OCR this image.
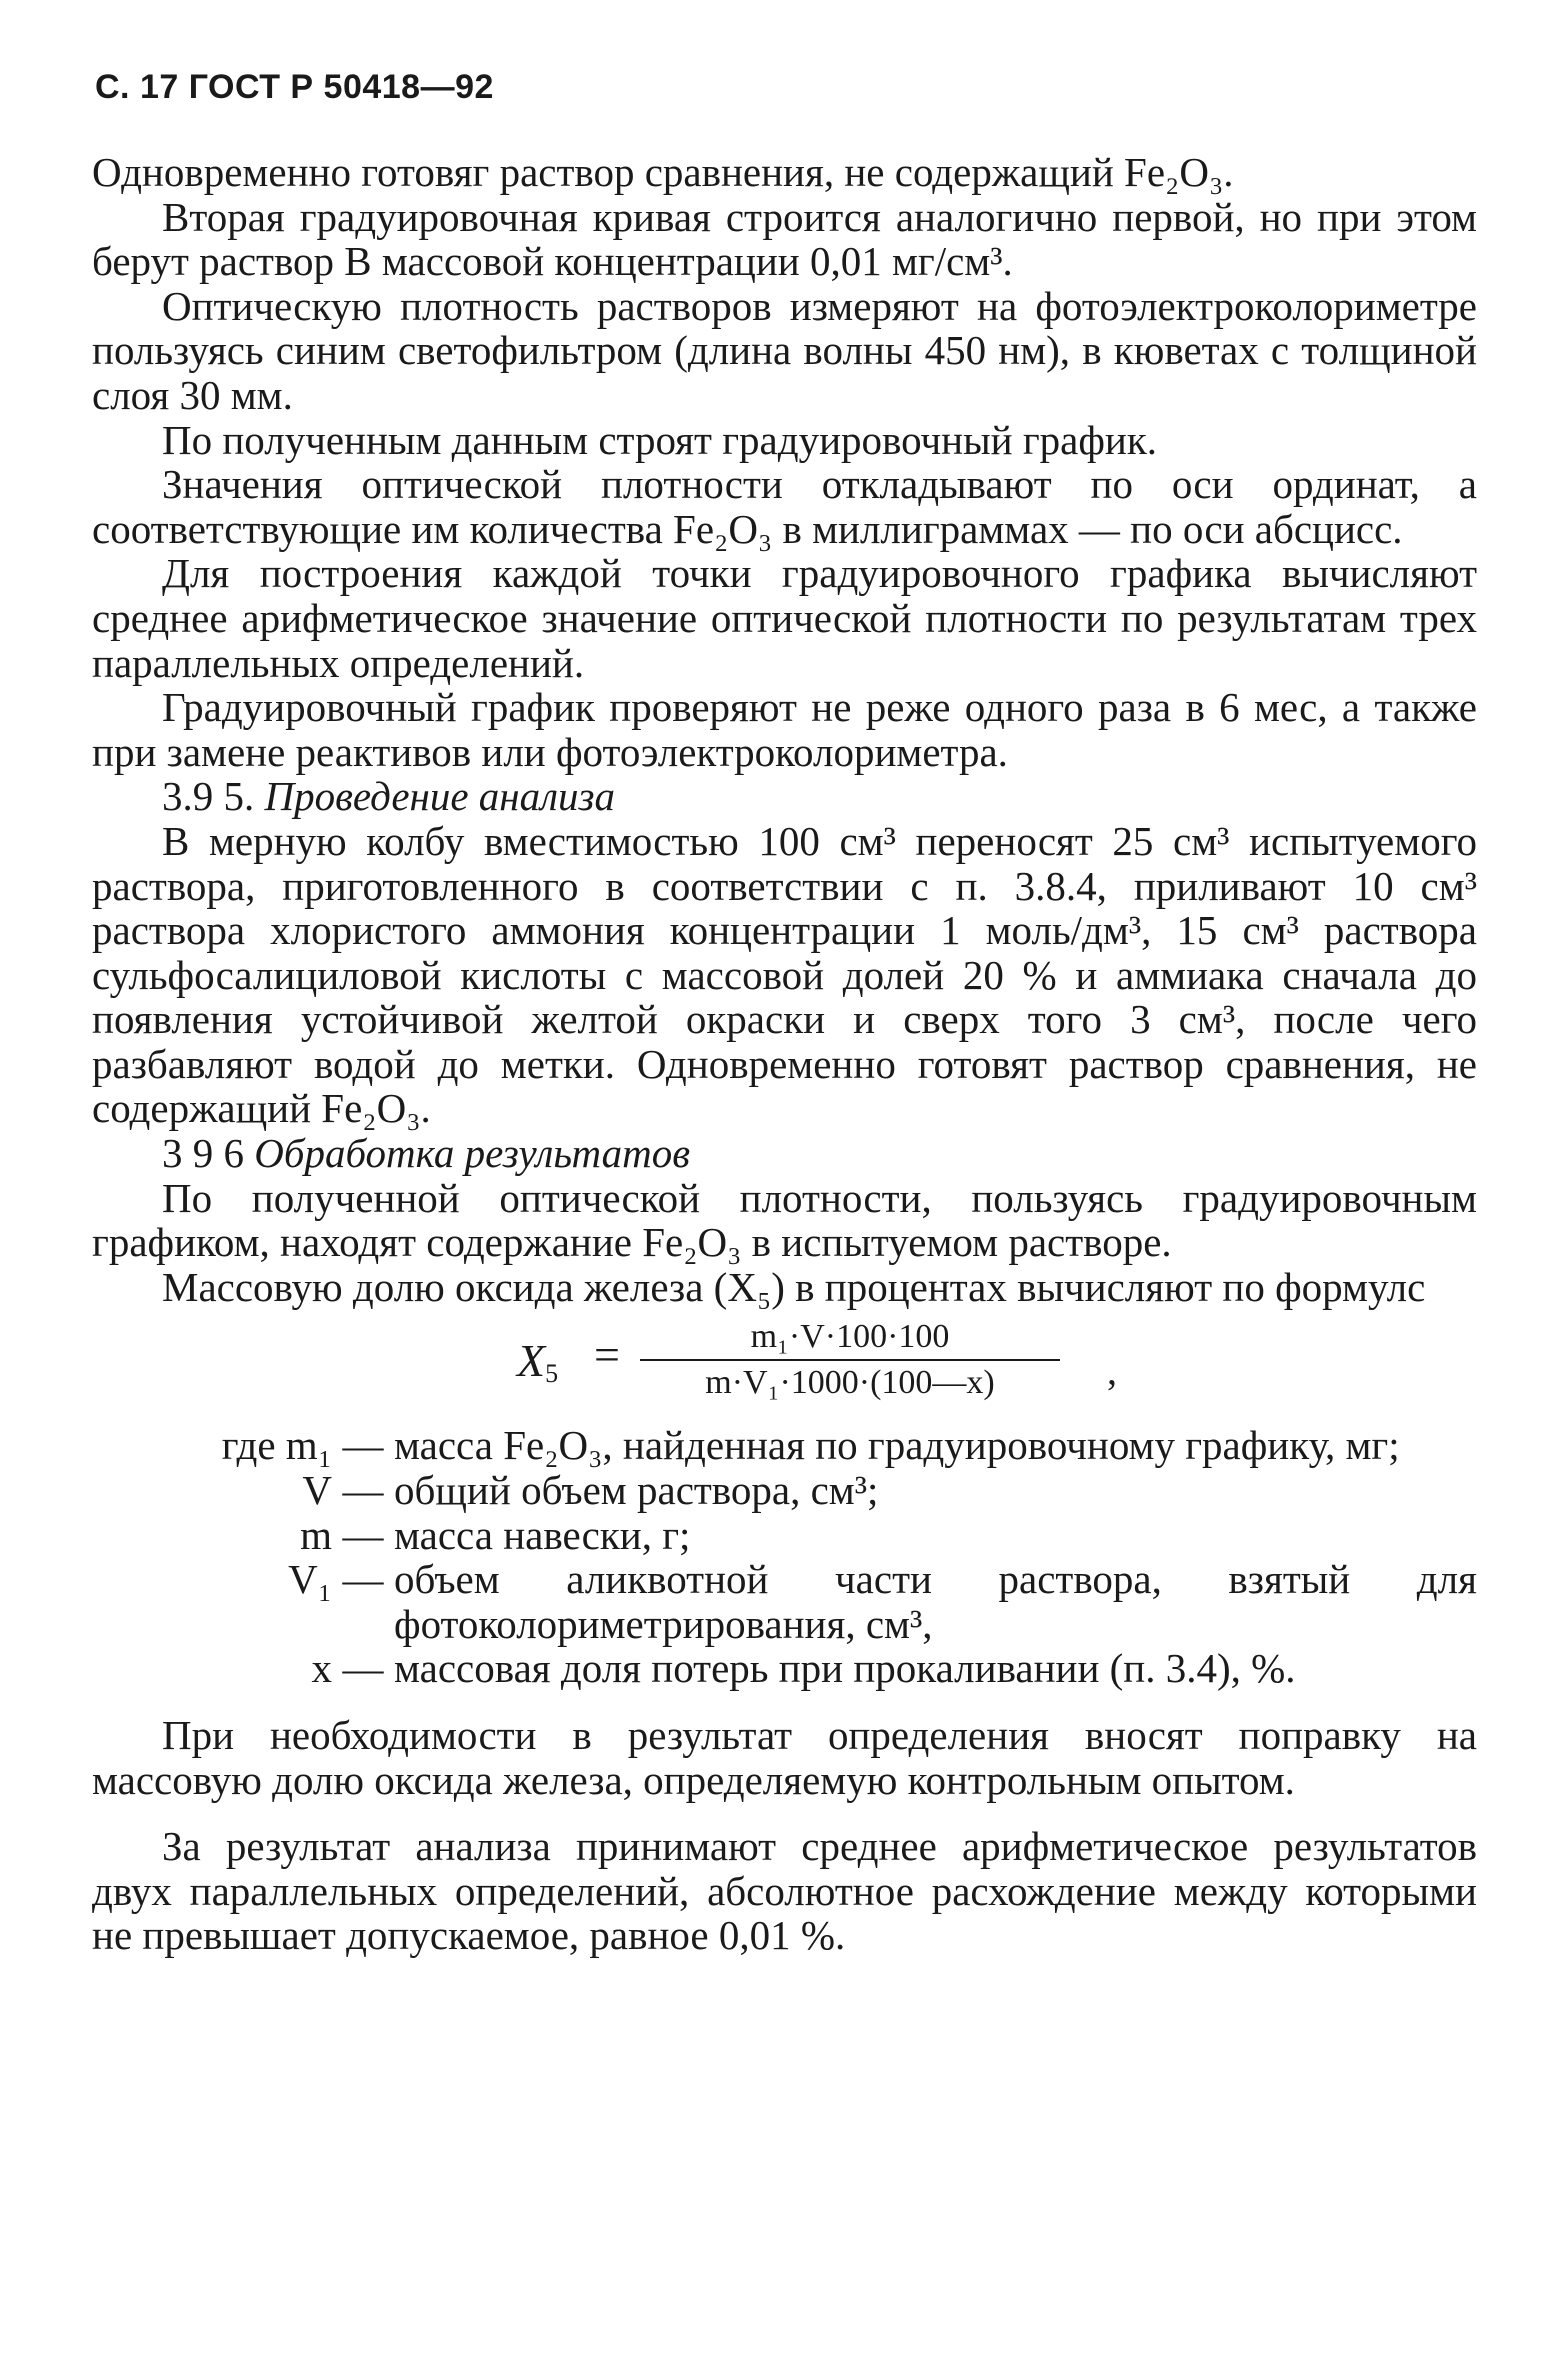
С. 17 ГОСТ Р 50418—92

Одновременно готовяг раствор сравнения, не содержащий Fe₂O₃.

Вторая градуировочная кривая строится аналогично первой, но при этом берут раствор В массовой концентрации 0,01 мг/см³.

Оптическую плотность растворов измеряют на фотоэлектроколориметре пользуясь синим светофильтром (длина волны 450 нм), в кюветах с толщиной слоя 30 мм.

По полученным данным строят градуировочный график.

Значения оптической плотности откладывают по оси ординат, а соответствующие им количества Fe₂O₃ в миллиграммах — по оси абсцисс.

Для построения каждой точки градуировочного графика вычисляют среднее арифметическое значение оптической плотности по результатам трех параллельных определений.

Градуировочный график проверяют не реже одного раза в 6 мес, а также при замене реактивов или фотоэлектроколориметра.

3.9 5. Проведение анализа

В мерную колбу вместимостью 100 см³ переносят 25 см³ испытуемого раствора, приготовленного в соответствии с п. 3.8.4, приливают 10 см³ раствора хлористого аммония концентрации 1 моль/дм³, 15 см³ раствора сульфосалициловой кислоты с массовой долей 20 % и аммиака сначала до появления устойчивой желтой окраски и сверх того 3 см³, после чего разбавляют водой до метки. Одновременно готовят раствор сравнения, не содержащий Fe₂O₃.

3 9 6 Обработка результатов

По полученной оптической плотности, пользуясь градуировочным графиком, находят содержание Fe₂O₃ в испытуемом растворе.

Массовую долю оксида железа (X₅) в процентах вычисляют по формулс

$X_5 = \frac{\text{m₁·V·100·100}}{\text{m·V₁·1000·(100—x)}}$ ,
где m₁ — масса Fe₂O₃, найденная по градуировочному графику, мг;
V — общий объем раствора, см³;
m — масса навески, г;
V₁ — объем аликвотной части раствора, взятый для фотоколориметрирования, см³,
x — массовая доля потерь при прокаливании (п. 3.4), %.

При необходимости в результат определения вносят поправку на массовую долю оксида железа, определяемую контрольным опытом.

За результат анализа принимают среднее арифметическое результатов двух параллельных определений, абсолютное расхождение между которыми не превышает допускаемое, равное 0,01 %.
